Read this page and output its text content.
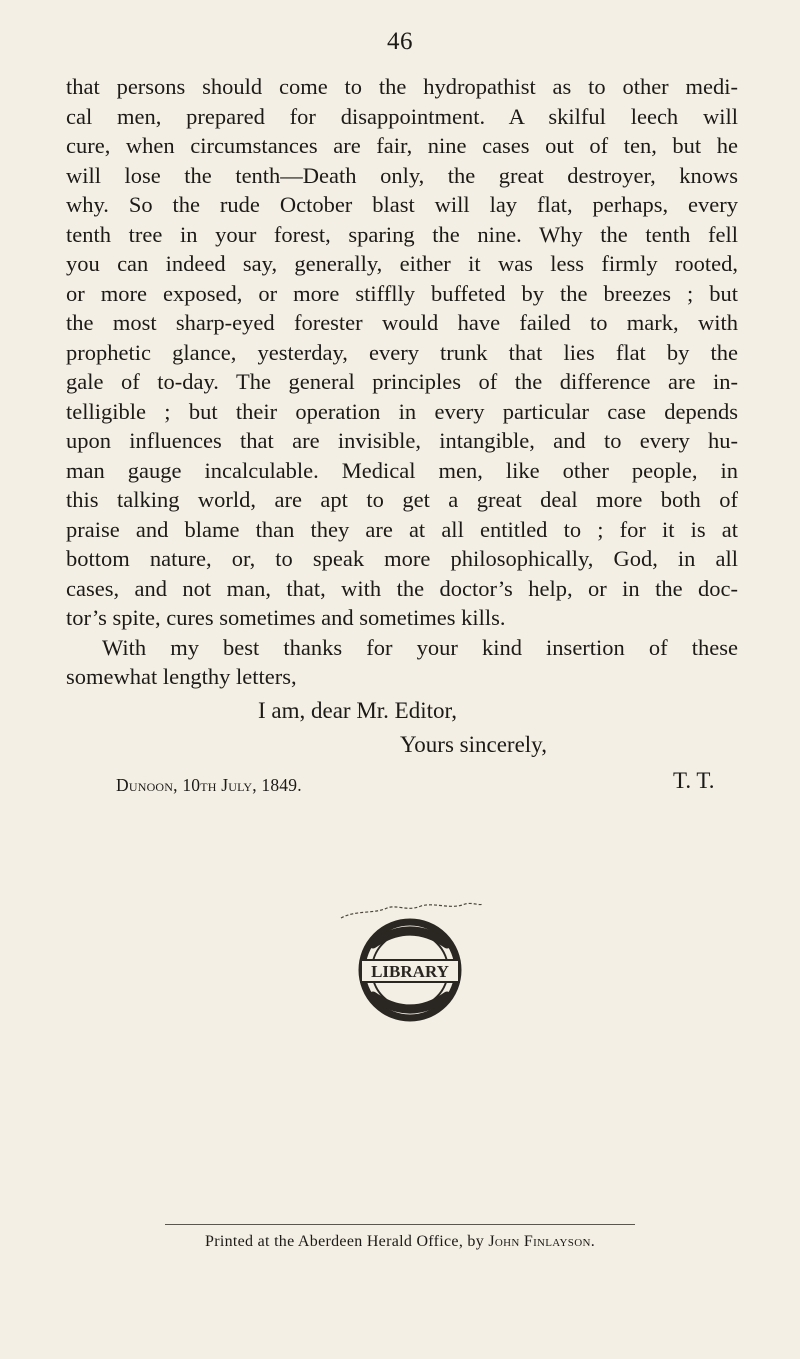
46
that persons should come to the hydropathist as to other medi-
cal men, prepared for disappointment. A skilful leech will
cure, when circumstances are fair, nine cases out of ten, but he
will lose the tenth—Death only, the great destroyer, knows
why. So the rude October blast will lay flat, perhaps, every
tenth tree in your forest, sparing the nine. Why the tenth fell
you can indeed say, generally, either it was less firmly rooted,
or more exposed, or more stifflly buffeted by the breezes ; but
the most sharp-eyed forester would have failed to mark, with
prophetic glance, yesterday, every trunk that lies flat by the
gale of to-day. The general principles of the difference are in-
telligible ; but their operation in every particular case depends
upon influences that are invisible, intangible, and to every hu-
man gauge incalculable. Medical men, like other people, in
this talking world, are apt to get a great deal more both of
praise and blame than they are at all entitled to ; for it is at
bottom nature, or, to speak more philosophically, God, in all
cases, and not man, that, with the doctor’s help, or in the doc-
tor’s spite, cures sometimes and sometimes kills.
With my best thanks for your kind insertion of these
somewhat lengthy letters,
I am, dear Mr. Editor,
Yours sincerely,
T. T.
Dunoon, 10th July, 1849.
LIBRARY
Printed at the Aberdeen Herald Office, by John Finlayson.
